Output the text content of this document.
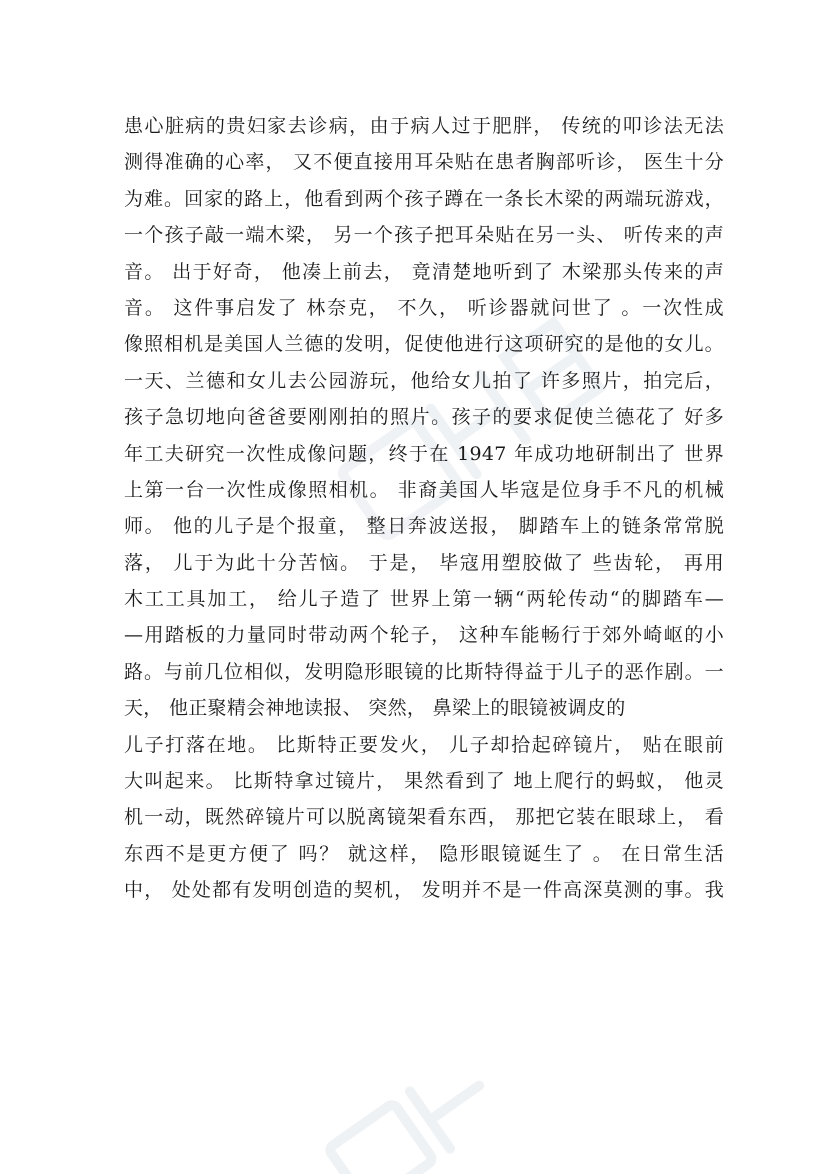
患心脏病的贵妇家去诊病，由于病人过于肥胖， 传统的叩诊法无法
测得准确的心率， 又不便直接用耳朵贴在患者胸部听诊， 医生十分
为难。回家的路上，他看到两个孩子蹲在一条长木梁的两端玩游戏，
一个孩子敲一端木梁， 另一个孩子把耳朵贴在另一头、 听传来的声
音。 出于好奇， 他凑上前去， 竟清楚地听到了 木梁那头传来的声
音。 这件事启发了 林奈克， 不久， 听诊器就问世了 。一次性成
像照相机是美国人兰德的发明，促使他进行这项研究的是他的女儿。
一天、兰德和女儿去公园游玩，他给女儿拍了 许多照片，拍完后，
孩子急切地向爸爸要刚刚拍的照片。孩子的要求促使兰德花了 好多
年工夫研究一次性成像问题，终于在 1947 年成功地研制出了 世界
上第一台一次性成像照相机。 非裔美国人毕寇是位身手不凡的机械
师。 他的儿子是个报童， 整日奔波送报， 脚踏车上的链条常常脱
落， 儿于为此十分苦恼。 于是， 毕寇用塑胶做了 些齿轮， 再用
木工工具加工， 给儿子造了 世界上第一辆“两轮传动“的脚踏车—
—用踏板的力量同时带动两个轮子， 这种车能畅行于郊外崎岖的小
路。与前几位相似，发明隐形眼镜的比斯特得益于儿子的恶作剧。一
天， 他正聚精会神地读报、 突然， 鼻梁上的眼镜被调皮的
儿子打落在地。 比斯特正要发火， 儿子却拾起碎镜片， 贴在眼前
大叫起来。 比斯特拿过镜片， 果然看到了 地上爬行的蚂蚁， 他灵
机一动，既然碎镜片可以脱离镜架看东西， 那把它装在眼球上， 看
东西不是更方便了 吗？ 就这样， 隐形眼镜诞生了 。 在日常生活
中， 处处都有发明创造的契机， 发明并不是一件高深莫测的事。我
